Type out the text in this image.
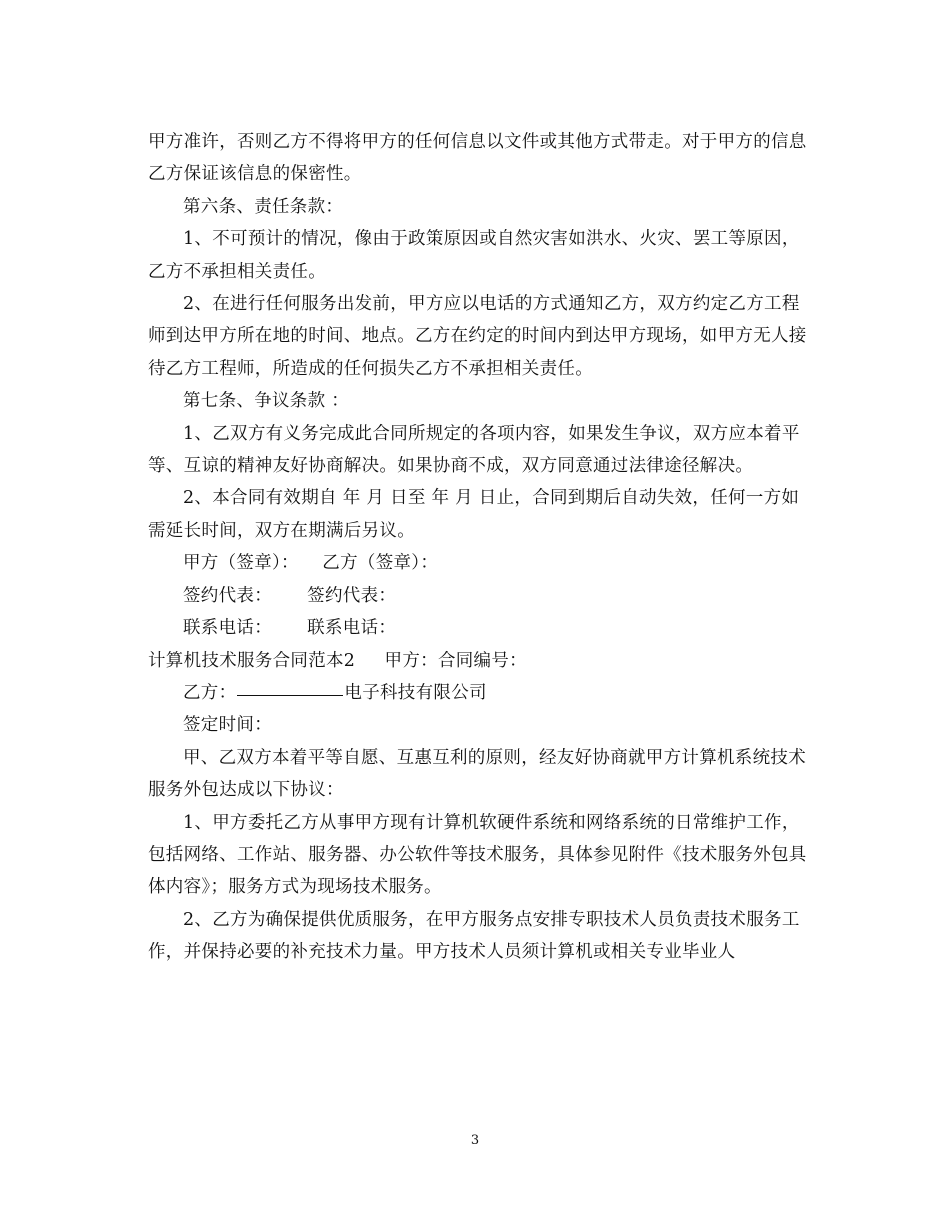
甲方准许，否则乙方不得将甲方的任何信息以文件或其他方式带走。对于甲方的信息乙方保证该信息的保密性。

第六条、责任条款：

1、不可预计的情况，像由于政策原因或自然灾害如洪水、火灾、罢工等原因，乙方不承担相关责任。

2、在进行任何服务出发前，甲方应以电话的方式通知乙方，双方约定乙方工程师到达甲方所在地的时间、地点。乙方在约定的时间内到达甲方现场，如甲方无人接待乙方工程师，所造成的任何损失乙方不承担相关责任。

第七条、争议条款 ：

1、乙双方有义务完成此合同所规定的各项内容，如果发生争议，双方应本着平等、互谅的精神友好协商解决。如果协商不成，双方同意通过法律途径解决。

2、本合同有效期自 年 月 日至 年 月 日止，合同到期后自动失效，任何一方如需延长时间，双方在期满后另议。

甲方（签章）：    乙方（签章）：

签约代表：      签约代表：

联系电话：      联系电话：

计算机技术服务合同范本2     甲方：合同编号：

乙方：	电子科技有限公司

签定时间：

甲、乙双方本着平等自愿、互惠互利的原则，经友好协商就甲方计算机系统技术服务外包达成以下协议：

1、甲方委托乙方从事甲方现有计算机软硬件系统和网络系统的日常维护工作，包括网络、工作站、服务器、办公软件等技术服务，具体参见附件《技术服务外包具体内容》；服务方式为现场技术服务。

2、乙方为确保提供优质服务，在甲方服务点安排专职技术人员负责技术服务工作，并保持必要的补充技术力量。甲方技术人员须计算机或相关专业毕业人

3
